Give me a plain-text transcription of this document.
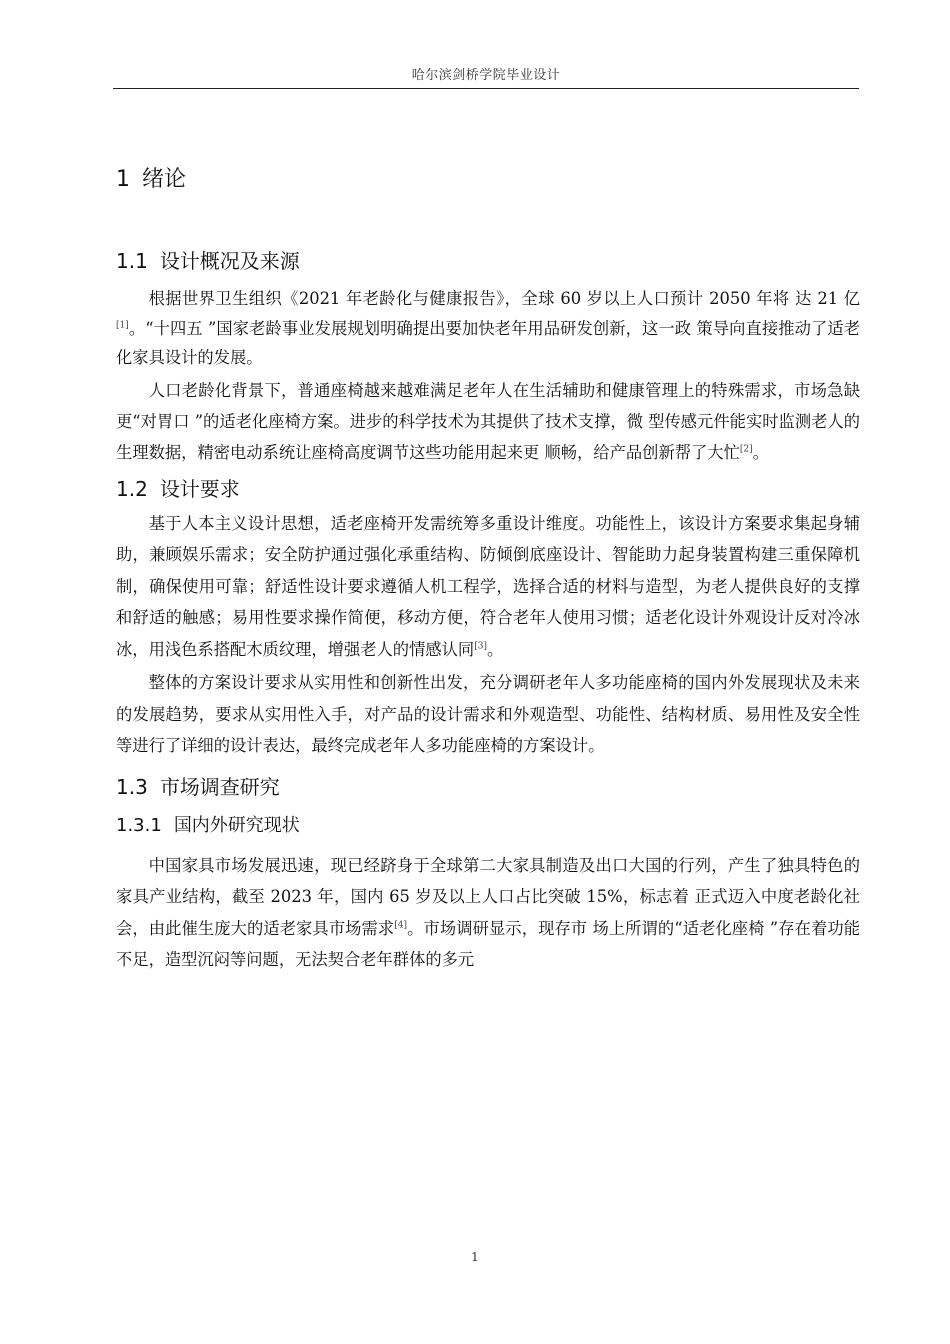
哈尔滨剑桥学院毕业设计
1 绪论
1.1 设计概况及来源

根据世界卫生组织《2021 年老龄化与健康报告》，全球 60 岁以上人口预计 2050 年将 达 21 亿[1]。“十四五 ”国家老龄事业发展规划明确提出要加快老年用品研发创新，这一政 策导向直接推动了适老化家具设计的发展。

人口老龄化背景下，普通座椅越来越难满足老年人在生活辅助和健康管理上的特殊需求，市场急缺更“对胃口 ”的适老化座椅方案。进步的科学技术为其提供了技术支撑，微 型传感元件能实时监测老人的生理数据，精密电动系统让座椅高度调节这些功能用起来更 顺畅，给产品创新帮了大忙[2]。

1.2 设计要求

基于人本主义设计思想，适老座椅开发需统筹多重设计维度。功能性上，该设计方案要求集起身辅助，兼顾娱乐需求；安全防护通过强化承重结构、防倾倒底座设计、智能助力起身装置构建三重保障机制，确保使用可靠；舒适性设计要求遵循人机工程学，选择合适的材料与造型，为老人提供良好的支撑和舒适的触感；易用性要求操作简便，移动方便，符合老年人使用习惯；适老化设计外观设计反对冷冰冰，用浅色系搭配木质纹理，增强老人的情感认同[3]。

整体的方案设计要求从实用性和创新性出发，充分调研老年人多功能座椅的国内外发展现状及未来的发展趋势，要求从实用性入手，对产品的设计需求和外观造型、功能性、结构材质、易用性及安全性等进行了详细的设计表达，最终完成老年人多功能座椅的方案设计。

1.3 市场调查研究
1.3.1 国内外研究现状

中国家具市场发展迅速，现已经跻身于全球第二大家具制造及出口大国的行列，产生了独具特色的家具产业结构，截至 2023 年，国内 65 岁及以上人口占比突破 15%，标志着 正式迈入中度老龄化社会，由此催生庞大的适老家具市场需求[4]。市场调研显示，现存市 场上所谓的“适老化座椅 ”存在着功能不足，造型沉闷等问题，无法契合老年群体的多元

1
